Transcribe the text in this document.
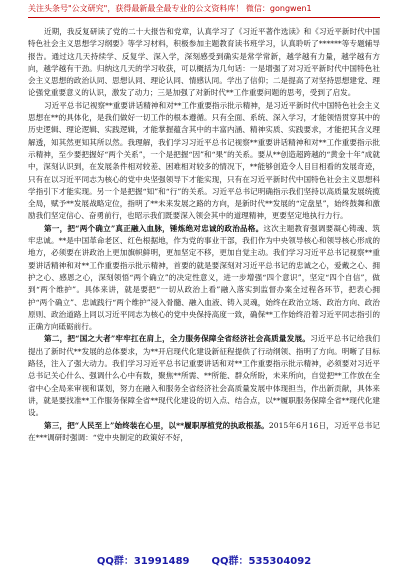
关注头条号"公文研究"，获得最新最全最专业的公文资料库！ 微信：gongwen1

近期，我反复研读了党的二十大报告和党章，认真学习了《习近平著作选读》和《习近平新时代中国特色社会主义思想学习纲要》等学习材料，积极参加主题教育读书班学习，认真聆听了******等专题辅导报告。通过这几天持续学、反复学、深入学，深刻感受到确实是常学常新，越学越有力量，越学越有方向，越学越有干劲。归纳这几天的学习收获，可以概括为几句话：一是增强了对习近平新时代中国特色社会主义思想的政治认同、思想认同、理论认同、情感认同。学出了信仰；二是提高了对坚持思想建党、理论强党重要意义的认识，激发了动力；三是加强了对新时代**工作重要问题的思考，受到了启发。

习近平总书记视察**重要讲话精神和对**工作重要指示批示精神，是习近平新时代中国特色社会主义思想在**的具体化，是我们做好一切工作的根本遵循。只有全面、系统、深入学习，才能领悟贯穿其中的历史逻辑、理论逻辑、实践逻辑，才能掌握蕴含其中的丰富内涵、精神实质、实践要求，才能把其含义理解透，知其然更知其所以然。我理解，我们学习习近平总书记视察**重要讲话精神和对**工作重要指示批示精神，至少要把握好“两个关系”，一个是把握“因”和“果”的关系。要从**创造超跨越的“黄金十年”成就中，深刻认识到，在发展条件相对较差、困难相对较多的情况下，**能够创造令人目目相看的发展奇迹，只有在以习近平同志为核心的党中央坚强领导下才能实现，只有在习近平新时代中国特色社会主义思想科学指引下才能实现。另一个是把握“知”和“行”的关系。习近平总书记明确指示我们坚持以高质量发展统揽全局，赋予**发展战略定位，指明了**未来发展之路的方向，是新时代**发展的“定盘星”，始终鼓舞和激励我们坚定信心、奋勇前行，也昭示我们既要深入领会其中的道理精神，更要坚定地执行力行。

第一，把“两个确立”真正融入血脉，锤炼绝对忠诚的政治品格。这次主题教育强调要凝心铸魂、筑牢忠诚。**是中国革命老区、红色根据地，作为党的事业干部，我们作为中央领导核心和领导核心形成的地方，必须要在讲政治上更加旗帜鲜明，更加坚定不移，更加自觉主动。我们学习习近平总书记视察**重要讲话精神和对**工作重要指示批示精神，首要的就是要深刻对习近平总书记的忠诚之心，爱戴之心、拥护之心、感恩之心，深刻领悟“两个确立”的决定性意义，进一步增强“四个意识”，坚定“四个自信”，做到“两个维护”。具体来讲，就是要把“一切从政治上看”融入落实到监督办案全过程各环节，把表心拥护“两个确立”、忠诚践行“两个维护”浸入骨髓、融入血液、铸入灵魂，始终在政治立场、政治方向、政治原则、政治道路上同以习近平同志为核心的党中央保持高度一致，确保**工作始终沿着习近平同志指引的正确方向砥砺前行。

第二，把“国之大者”牢牢扛在肩上，全力服务保障全省经济社会高质量发展。习近平总书记给我们提出了新时代**发展的总体要求，为**开启现代化建设新征程提供了行动纲领、指明了方向。明晰了目标路径，注入了强大动力。我们学习习近平总书记重要讲话和对**工作重要指示批示精神，必须要对习近平总书记关心什么、强调什么心中有数，聚焦**所需、**所能、群众所盼，未来所向，自觉把**工作放在全省中心全局来审视和谋划，努力在融入和服务全省经济社会高质量发展中体现担当，作出新贡献，具体来讲，就是要找准**工作服务保障全省**现代化建设的切入点、结合点，以**履职服务保障全省**现代化建设。

第三，把“人民至上”始终装在心里，以**履职厚植党的执政根基。2015年6月16日，习近平总书记在***调研时强调：“党中央制定的政策好不好，

QQ群：31991489 QQ群：535304092
